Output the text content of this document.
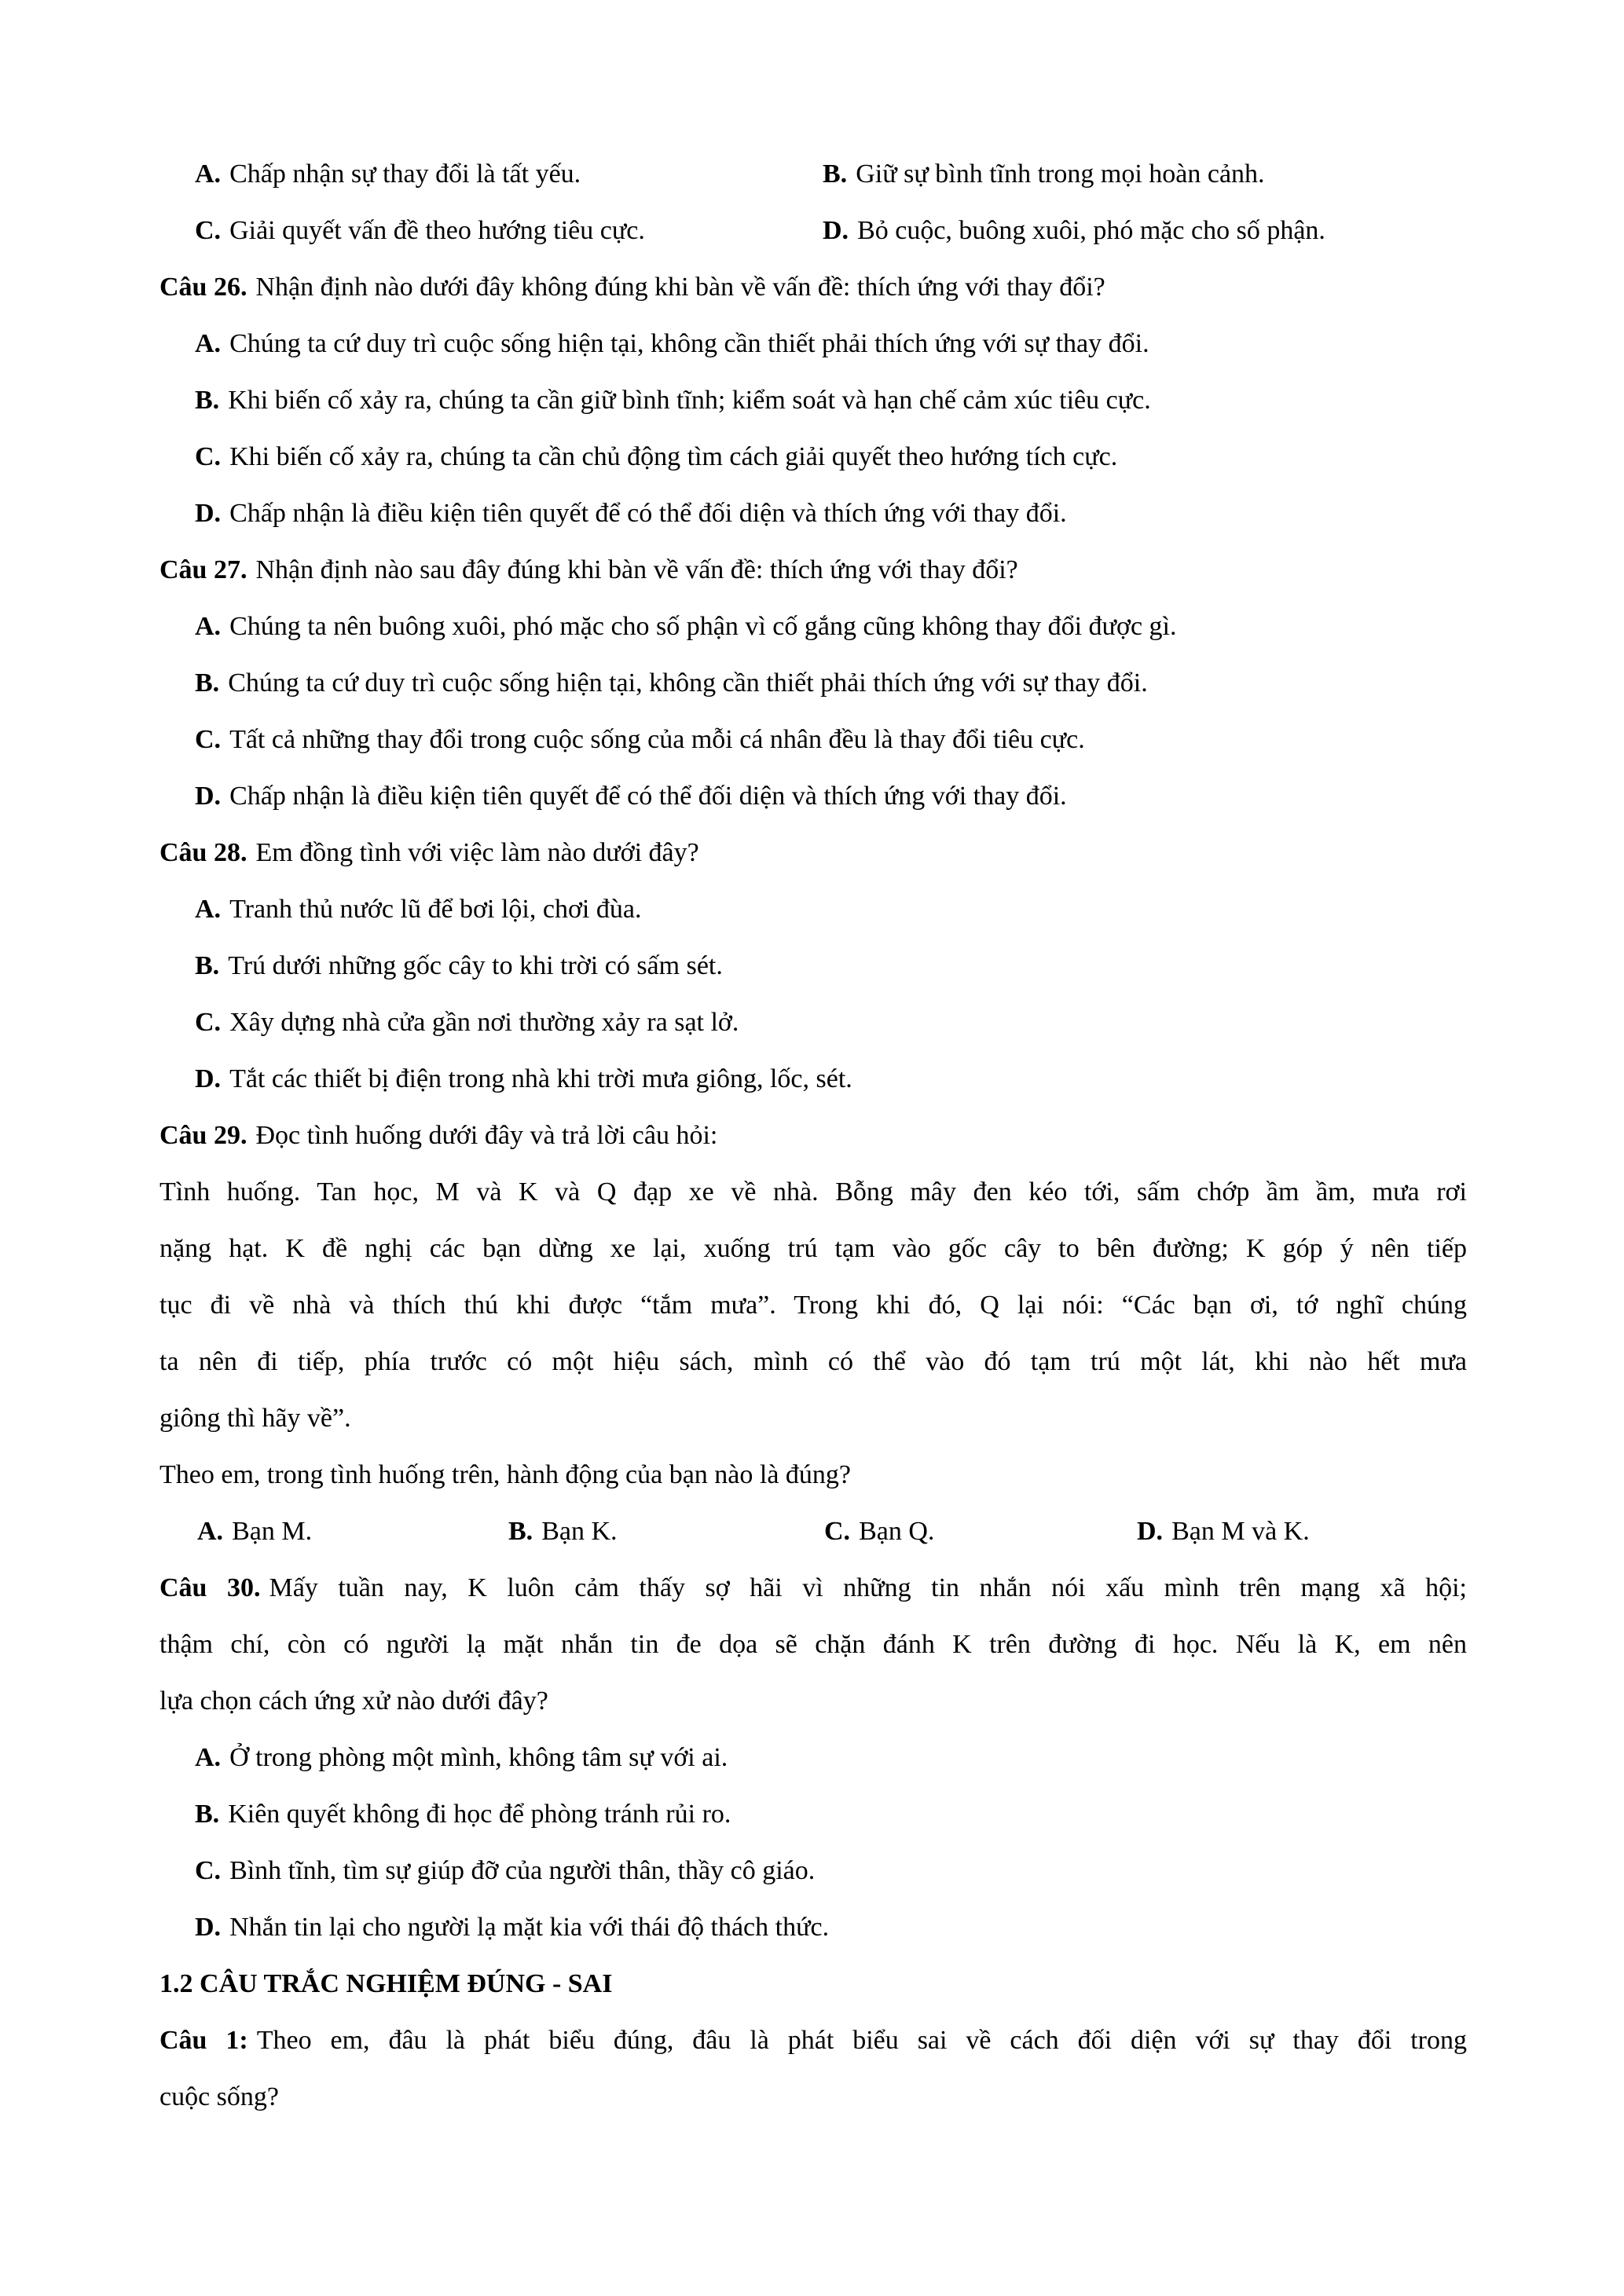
A. Chấp nhận sự thay đổi là tất yếu.	B. Giữ sự bình tĩnh trong mọi hoàn cảnh.
C. Giải quyết vấn đề theo hướng tiêu cực.	D. Bỏ cuộc, buông xuôi, phó mặc cho số phận.
Câu 26. Nhận định nào dưới đây không đúng khi bàn về vấn đề: thích ứng với thay đổi?
A. Chúng ta cứ duy trì cuộc sống hiện tại, không cần thiết phải thích ứng với sự thay đổi.
B. Khi biến cố xảy ra, chúng ta cần giữ bình tĩnh; kiểm soát và hạn chế cảm xúc tiêu cực.
C. Khi biến cố xảy ra, chúng ta cần chủ động tìm cách giải quyết theo hướng tích cực.
D. Chấp nhận là điều kiện tiên quyết để có thể đối diện và thích ứng với thay đổi.
Câu 27. Nhận định nào sau đây đúng khi bàn về vấn đề: thích ứng với thay đổi?
A. Chúng ta nên buông xuôi, phó mặc cho số phận vì cố gắng cũng không thay đổi được gì.
B. Chúng ta cứ duy trì cuộc sống hiện tại, không cần thiết phải thích ứng với sự thay đổi.
C. Tất cả những thay đổi trong cuộc sống của mỗi cá nhân đều là thay đổi tiêu cực.
D. Chấp nhận là điều kiện tiên quyết để có thể đối diện và thích ứng với thay đổi.
Câu 28. Em đồng tình với việc làm nào dưới đây?
A. Tranh thủ nước lũ để bơi lội, chơi đùa.
B. Trú dưới những gốc cây to khi trời có sấm sét.
C. Xây dựng nhà cửa gần nơi thường xảy ra sạt lở.
D. Tắt các thiết bị điện trong nhà khi trời mưa giông, lốc, sét.
Câu 29. Đọc tình huống dưới đây và trả lời câu hỏi:
Tình huống. Tan học, M và K và Q đạp xe về nhà. Bỗng mây đen kéo tới, sấm chớp ầm ầm, mưa rơi
nặng hạt. K đề nghị các bạn dừng xe lại, xuống trú tạm vào gốc cây to bên đường; K góp ý nên tiếp
tục đi về nhà và thích thú khi được “tắm mưa”. Trong khi đó, Q lại nói: “Các bạn ơi, tớ nghĩ chúng
ta nên đi tiếp, phía trước có một hiệu sách, mình có thể vào đó tạm trú một lát, khi nào hết mưa
giông thì hãy về”.
Theo em, trong tình huống trên, hành động của bạn nào là đúng?
A. Bạn M.	B. Bạn K.	C. Bạn Q.	D. Bạn M và K.
Câu 30. Mấy tuần nay, K luôn cảm thấy sợ hãi vì những tin nhắn nói xấu mình trên mạng xã hội;
thậm chí, còn có người lạ mặt nhắn tin đe dọa sẽ chặn đánh K trên đường đi học. Nếu là K, em nên
lựa chọn cách ứng xử nào dưới đây?
A. Ở trong phòng một mình, không tâm sự với ai.
B. Kiên quyết không đi học để phòng tránh rủi ro.
C. Bình tĩnh, tìm sự giúp đỡ của người thân, thầy cô giáo.
D. Nhắn tin lại cho người lạ mặt kia với thái độ thách thức.
1.2 CÂU TRẮC NGHIỆM ĐÚNG - SAI
Câu 1: Theo em, đâu là phát biểu đúng, đâu là phát biểu sai về cách đối diện với sự thay đổi trong
cuộc sống?
